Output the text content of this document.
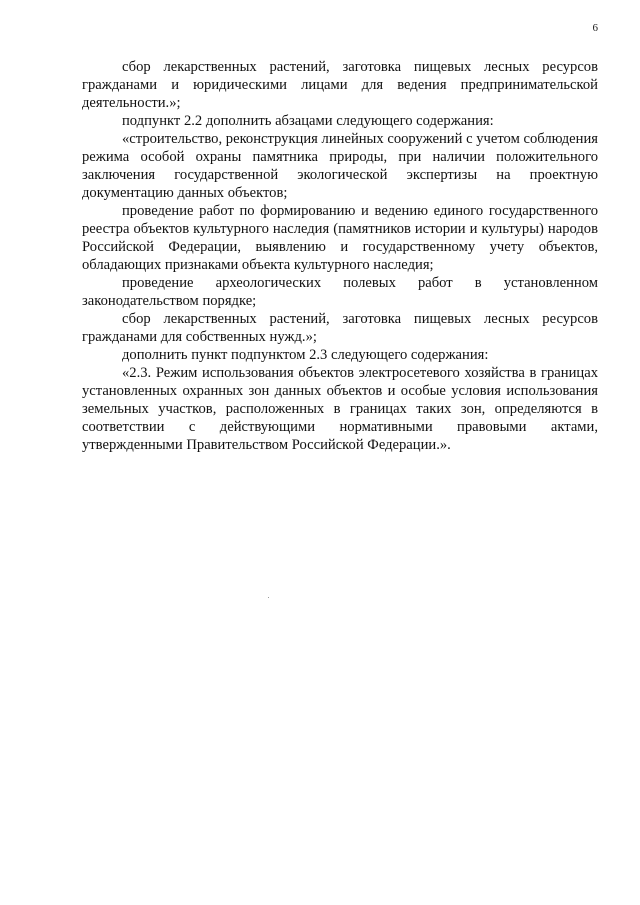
6

сбор лекарственных растений, заготовка пищевых лесных ресурсов гражданами и юридическими лицами для ведения предпринимательской деятельности.»;

подпункт 2.2 дополнить абзацами следующего содержания:

«строительство, реконструкция линейных сооружений с учетом соблюдения режима особой охраны памятника природы, при наличии положительного заключения государственной экологической экспертизы на проектную документацию данных объектов;

проведение работ по формированию и ведению единого государственного реестра объектов культурного наследия (памятников истории и культуры) народов Российской Федерации, выявлению и государственному учету объектов, обладающих признаками объекта культурного наследия;

проведение археологических полевых работ в установленном законодательством порядке;

сбор лекарственных растений, заготовка пищевых лесных ресурсов гражданами для собственных нужд.»;

дополнить пункт подпунктом 2.3 следующего содержания:

«2.3. Режим использования объектов электросетевого хозяйства в границах установленных охранных зон данных объектов и особые условия использования земельных участков, расположенных в границах таких зон, определяются в соответствии с действующими нормативными правовыми актами, утвержденными Правительством Российской Федерации.».
